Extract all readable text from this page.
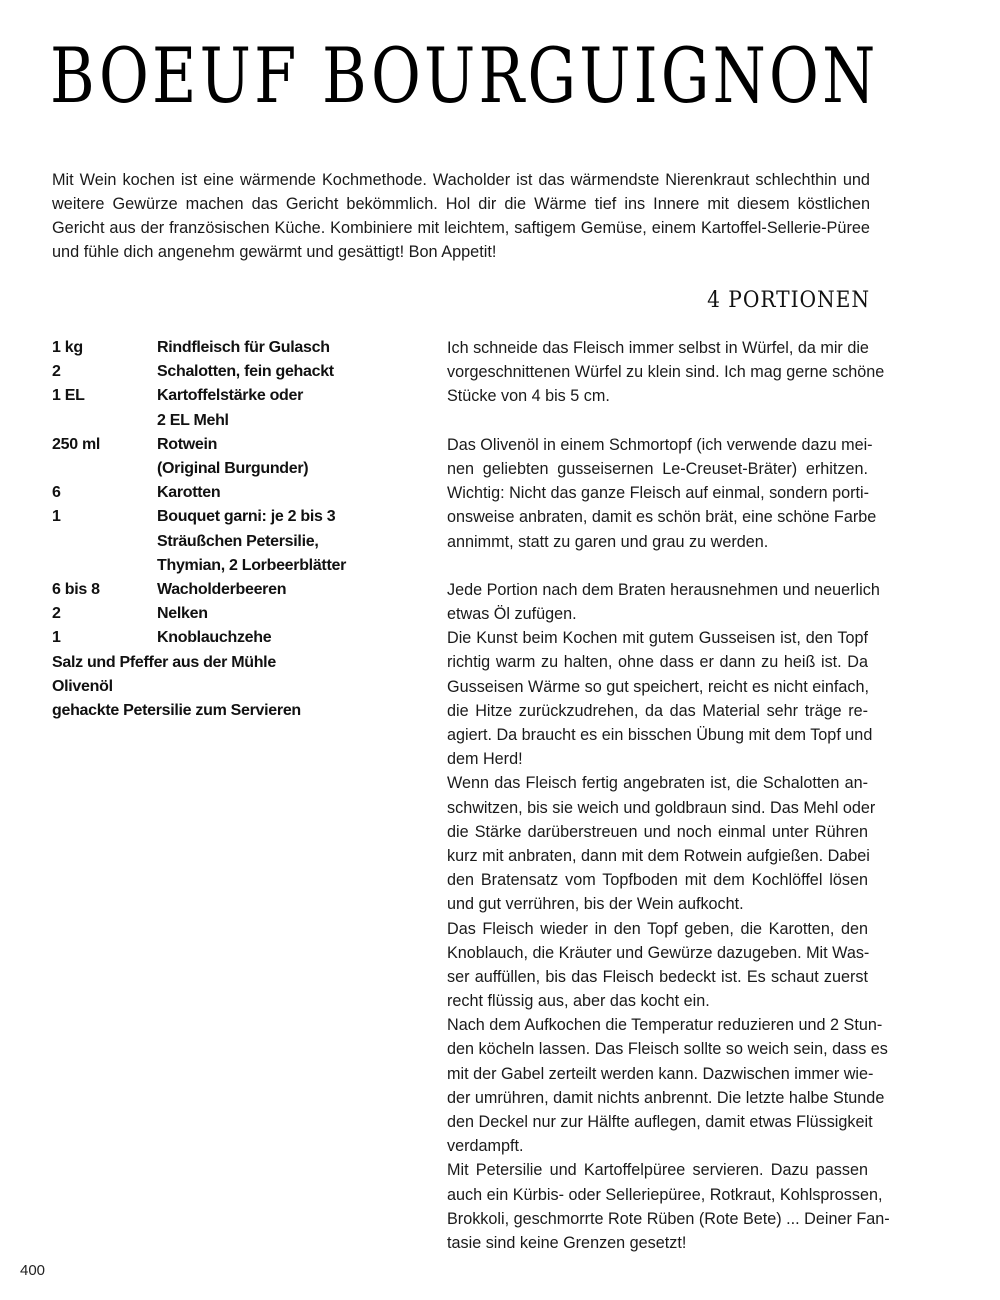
BOEUF BOURGUIGNON

Mit Wein kochen ist eine wärmende Kochmethode. Wacholder ist das wärmendste Nierenkraut schlechthin und weitere Gewürze machen das Gericht bekömmlich. Hol dir die Wärme tief ins Innere mit diesem köstlichen Gericht aus der französischen Küche. Kombiniere mit leichtem, saftigem Gemüse, einem Kartoffel-Sellerie-Püree und fühle dich angenehm gewärmt und gesättigt! Bon Appetit!

4 PORTIONEN
1 kg	Rindfleisch für Gulasch
2	Schalotten, fein gehackt
1 EL	Kartoffelstärke oder
2 EL Mehl
250 ml	Rotwein
(Original Burgunder)
6	Karotten
1	Bouquet garni: je 2 bis 3
Sträußchen Petersilie,
Thymian, 2 Lorbeerblätter
6 bis 8	Wacholderbeeren
2	Nelken
1	Knoblauchzehe
Salz und Pfeffer aus der Mühle
Olivenöl
gehackte Petersilie zum Servieren
Ich schneide das Fleisch immer selbst in Würfel, da mir die
vorgeschnittenen Würfel zu klein sind. Ich mag gerne schöne
Stücke von 4 bis 5 cm.
Das Olivenöl in einem Schmortopf (ich verwende dazu mei-
nen geliebten gusseisernen Le-Creuset-Bräter) erhitzen.
Wichtig: Nicht das ganze Fleisch auf einmal, sondern porti-
onsweise anbraten, damit es schön brät, eine schöne Farbe
annimmt, statt zu garen und grau zu werden.
Jede Portion nach dem Braten herausnehmen und neuerlich
etwas Öl zufügen.
Die Kunst beim Kochen mit gutem Gusseisen ist, den Topf
richtig warm zu halten, ohne dass er dann zu heiß ist. Da
Gusseisen Wärme so gut speichert, reicht es nicht einfach,
die Hitze zurückzudrehen, da das Material sehr träge re-
agiert. Da braucht es ein bisschen Übung mit dem Topf und
dem Herd!
Wenn das Fleisch fertig angebraten ist, die Schalotten an-
schwitzen, bis sie weich und goldbraun sind. Das Mehl oder
die Stärke darüberstreuen und noch einmal unter Rühren
kurz mit anbraten, dann mit dem Rotwein aufgießen. Dabei
den Bratensatz vom Topfboden mit dem Kochlöffel lösen
und gut verrühren, bis der Wein aufkocht.
Das Fleisch wieder in den Topf geben, die Karotten, den
Knoblauch, die Kräuter und Gewürze dazugeben. Mit Was-
ser auffüllen, bis das Fleisch bedeckt ist. Es schaut zuerst
recht flüssig aus, aber das kocht ein.
Nach dem Aufkochen die Temperatur reduzieren und 2 Stun-
den köcheln lassen. Das Fleisch sollte so weich sein, dass es
mit der Gabel zerteilt werden kann. Dazwischen immer wie-
der umrühren, damit nichts anbrennt. Die letzte halbe Stunde
den Deckel nur zur Hälfte auflegen, damit etwas Flüssigkeit
verdampft.
Mit Petersilie und Kartoffelpüree servieren. Dazu passen
auch ein Kürbis- oder Selleriepüree, Rotkraut, Kohlsprossen,
Brokkoli, geschmorrte Rote Rüben (Rote Bete) ... Deiner Fan-
tasie sind keine Grenzen gesetzt!
400
